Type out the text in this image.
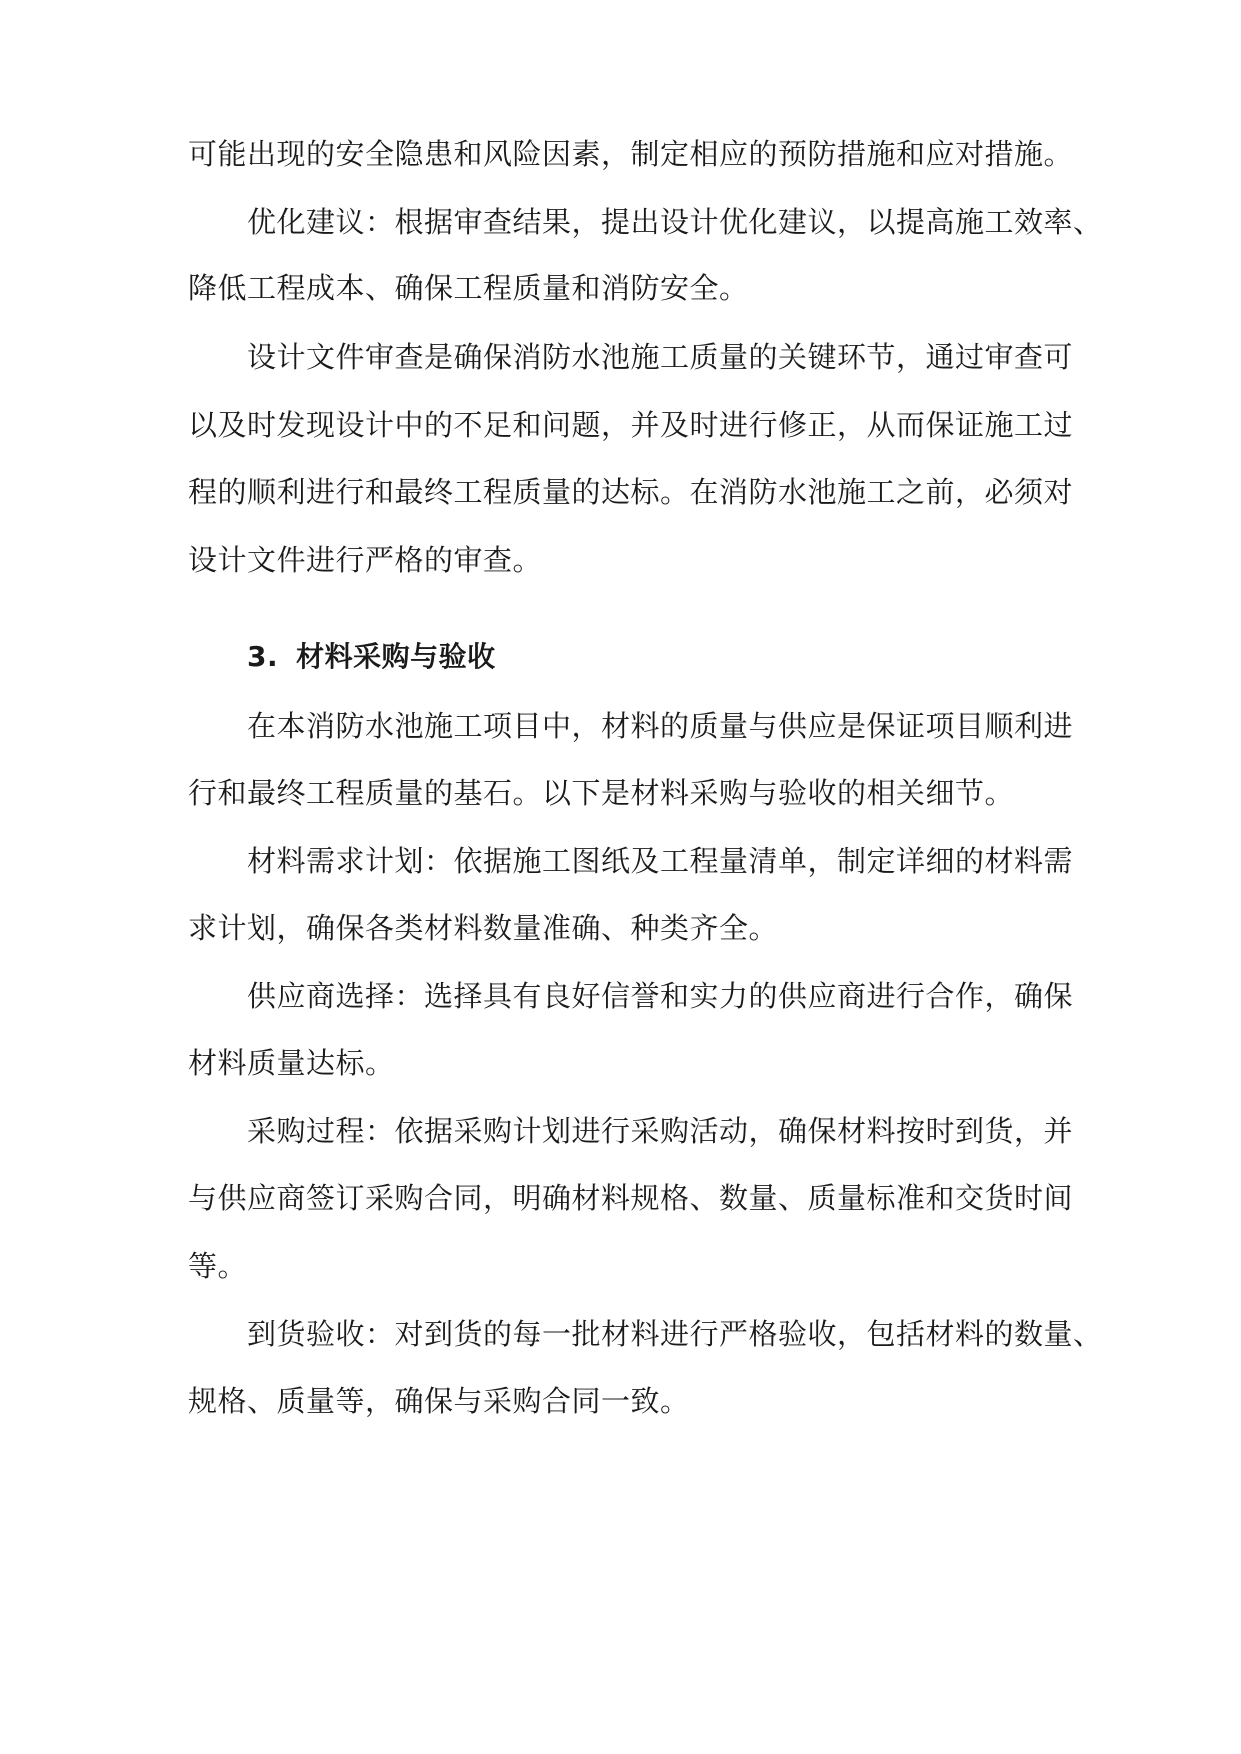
可能出现的安全隐患和风险因素，制定相应的预防措施和应对措施。
优化建议：根据审查结果，提出设计优化建议，以提高施工效率、
降低工程成本、确保工程质量和消防安全。
设计文件审查是确保消防水池施工质量的关键环节，通过审查可
以及时发现设计中的不足和问题，并及时进行修正，从而保证施工过
程的顺利进行和最终工程质量的达标。在消防水池施工之前，必须对
设计文件进行严格的审查。
3. 材料采购与验收
在本消防水池施工项目中，材料的质量与供应是保证项目顺利进
行和最终工程质量的基石。以下是材料采购与验收的相关细节。
材料需求计划：依据施工图纸及工程量清单，制定详细的材料需
求计划，确保各类材料数量准确、种类齐全。
供应商选择：选择具有良好信誉和实力的供应商进行合作，确保
材料质量达标。
采购过程：依据采购计划进行采购活动，确保材料按时到货，并
与供应商签订采购合同，明确材料规格、数量、质量标准和交货时间
等。
到货验收：对到货的每一批材料进行严格验收，包括材料的数量、
规格、质量等，确保与采购合同一致。
